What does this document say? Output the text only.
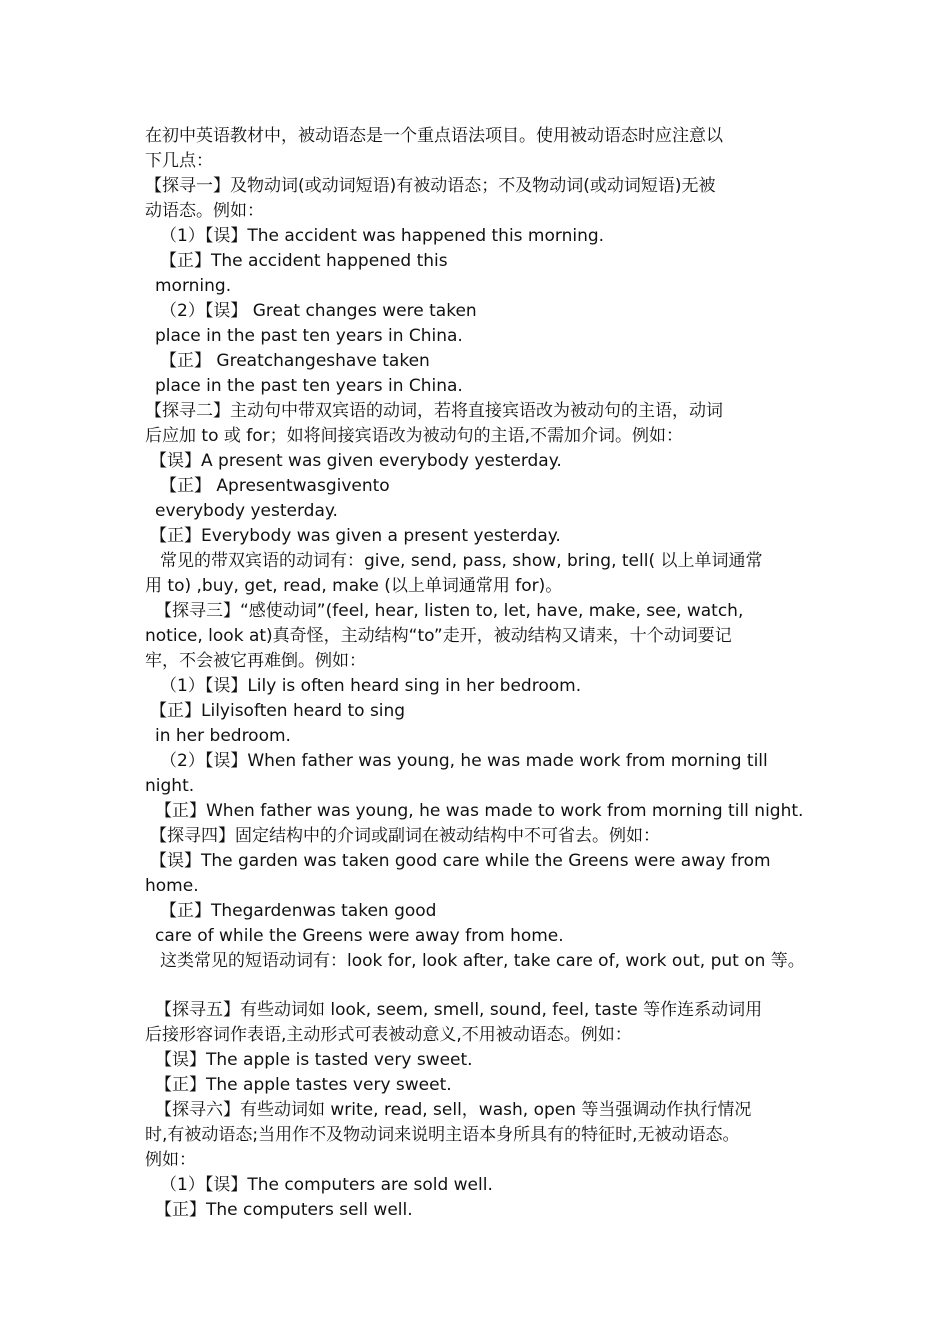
在初中英语教材中，被动语态是一个重点语法项目。使用被动语态时应注意以
下几点：
【探寻一】及物动词(或动词短语)有被动语态；不及物动词(或动词短语)无被
动语态。例如：
（1）【误】The accident was happened this morning.
【正】The accident happened this
morning.
（2）【误】 Great changes were taken
place in the past ten years in China.
【正】 Greatchangeshave taken
place in the past ten years in China.
【探寻二】主动句中带双宾语的动词，若将直接宾语改为被动句的主语，动词
后应加 to 或 for；如将间接宾语改为被动句的主语,不需加介词。例如：
【误】A present was given everybody yesterday.
【正】 Apresentwasgivento
everybody yesterday.
【正】Everybody was given a present yesterday.
常见的带双宾语的动词有：give, send, pass, show, bring, tell( 以上单词通常
用 to) ,buy, get, read, make (以上单词通常用 for)。
【探寻三】“感使动词”(feel, hear, listen to, let, have, make, see, watch,
notice, look at)真奇怪，主动结构“to”走开，被动结构又请来，十个动词要记
牢，不会被它再难倒。例如：
（1）【误】Lily is often heard sing in her bedroom.
【正】Lilyisoften heard to sing
in her bedroom.
（2）【误】When father was young, he was made work from morning till
night.
【正】When father was young, he was made to work from morning till night.
【探寻四】固定结构中的介词或副词在被动结构中不可省去。例如：
【误】The garden was taken good care while the Greens were away from
home.
【正】Thegardenwas taken good
care of while the Greens were away from home.
这类常见的短语动词有：look for, look after, take care of, work out, put on 等。
【探寻五】有些动词如 look, seem, smell, sound, feel, taste 等作连系动词用
后接形容词作表语,主动形式可表被动意义,不用被动语态。例如：
【误】The apple is tasted very sweet.
【正】The apple tastes very sweet.
【探寻六】有些动词如 write, read, sell，wash, open 等当强调动作执行情况
时,有被动语态;当用作不及物动词来说明主语本身所具有的特征时,无被动语态。
例如：
（1）【误】The computers are sold well.
【正】The computers sell well.
